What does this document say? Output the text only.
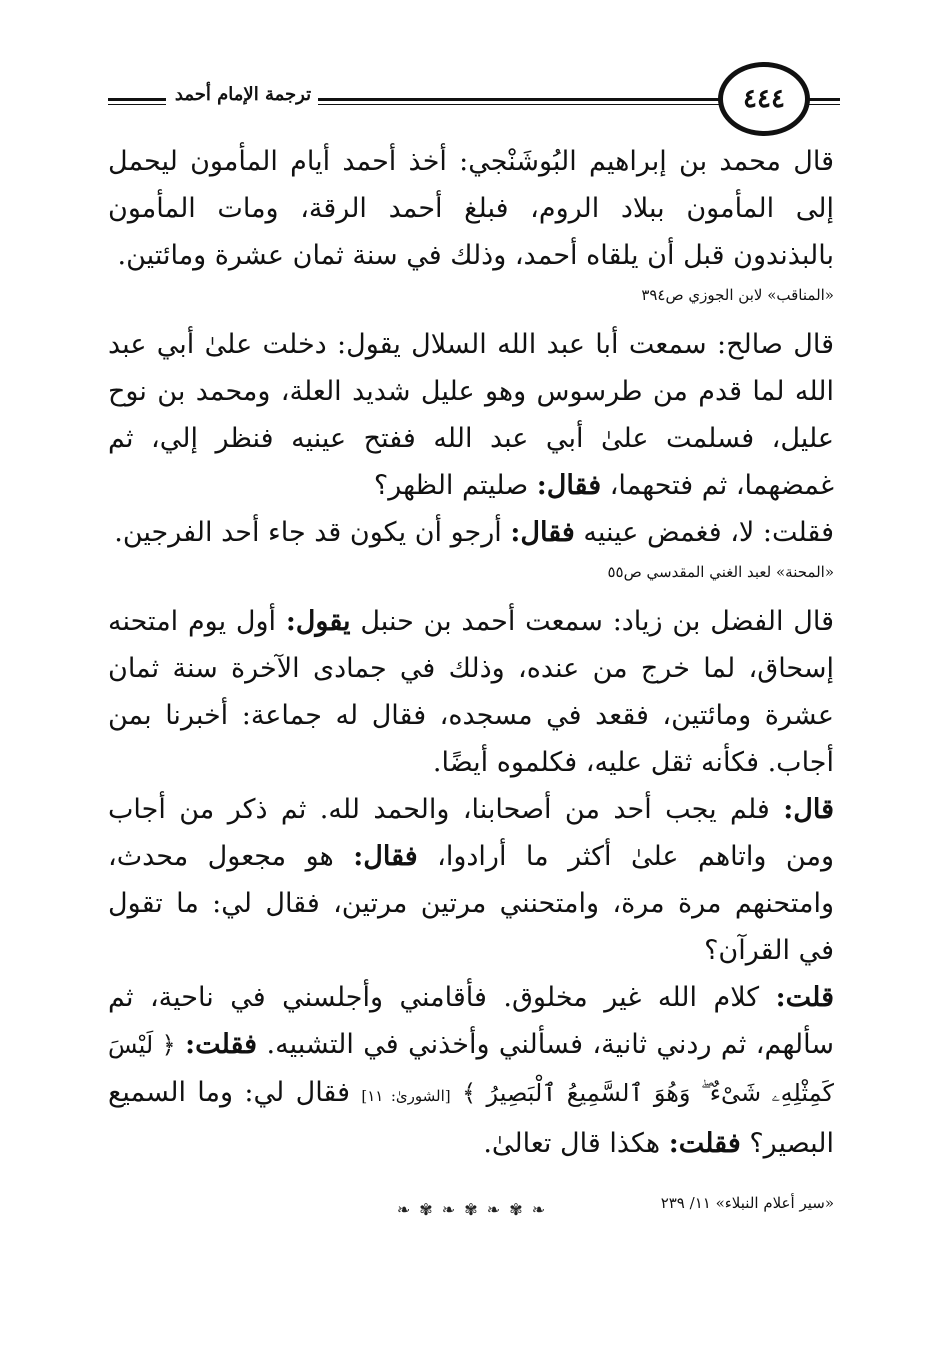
ترجمة الإمام أحمد	٤٤٤

قال محمد بن إبراهيم البُوشَنْجي: أخذ أحمد أيام المأمون ليحمل إلى المأمون ببلاد الروم، فبلغ أحمد الرقة، ومات المأمون بالبذندون قبل أن يلقاه أحمد، وذلك في سنة ثمان عشرة ومائتين.

«المناقب» لابن الجوزي ص٣٩٤

قال صالح: سمعت أبا عبد الله السلال يقول: دخلت علىٰ أبي عبد الله لما قدم من طرسوس وهو عليل شديد العلة، ومحمد بن نوح عليل، فسلمت علىٰ أبي عبد الله ففتح عينيه فنظر إلي، ثم غمضهما، ثم فتحهما، فقال: صليتم الظهر؟

فقلت: لا، فغمض عينيه فقال: أرجو أن يكون قد جاء أحد الفرجين.

«المحنة» لعبد الغني المقدسي ص٥٥

قال الفضل بن زياد: سمعت أحمد بن حنبل يقول: أول يوم امتحنه إسحاق، لما خرج من عنده، وذلك في جمادى الآخرة سنة ثمان عشرة ومائتين، فقعد في مسجده، فقال له جماعة: أخبرنا بمن أجاب. فكأنه ثقل عليه، فكلموه أيضًا.

قال: فلم يجب أحد من أصحابنا، والحمد لله. ثم ذكر من أجاب ومن واتاهم علىٰ أكثر ما أرادوا، فقال: هو مجعول محدث، وامتحنهم مرة مرة، وامتحنني مرتين مرتين، فقال لي: ما تقول في القرآن؟

قلت: كلام الله غير مخلوق. فأقامني وأجلسني في ناحية، ثم سألهم، ثم ردني ثانية، فسألني وأخذني في التشبيه. فقلت: ﴿ لَيْسَ كَمِثْلِهِۦ شَىْءٌ ۖ وَهُوَ ٱلسَّمِيعُ ٱلْبَصِيرُ ﴾ [الشورىٰ: ١١] فقال لي: وما السميع البصير؟ فقلت: هكذا قال تعالىٰ.

«سير أعلام النبلاء» ١١/ ٢٣٩
❧ ✾ ❧ ✾ ❧ ✾ ❧
